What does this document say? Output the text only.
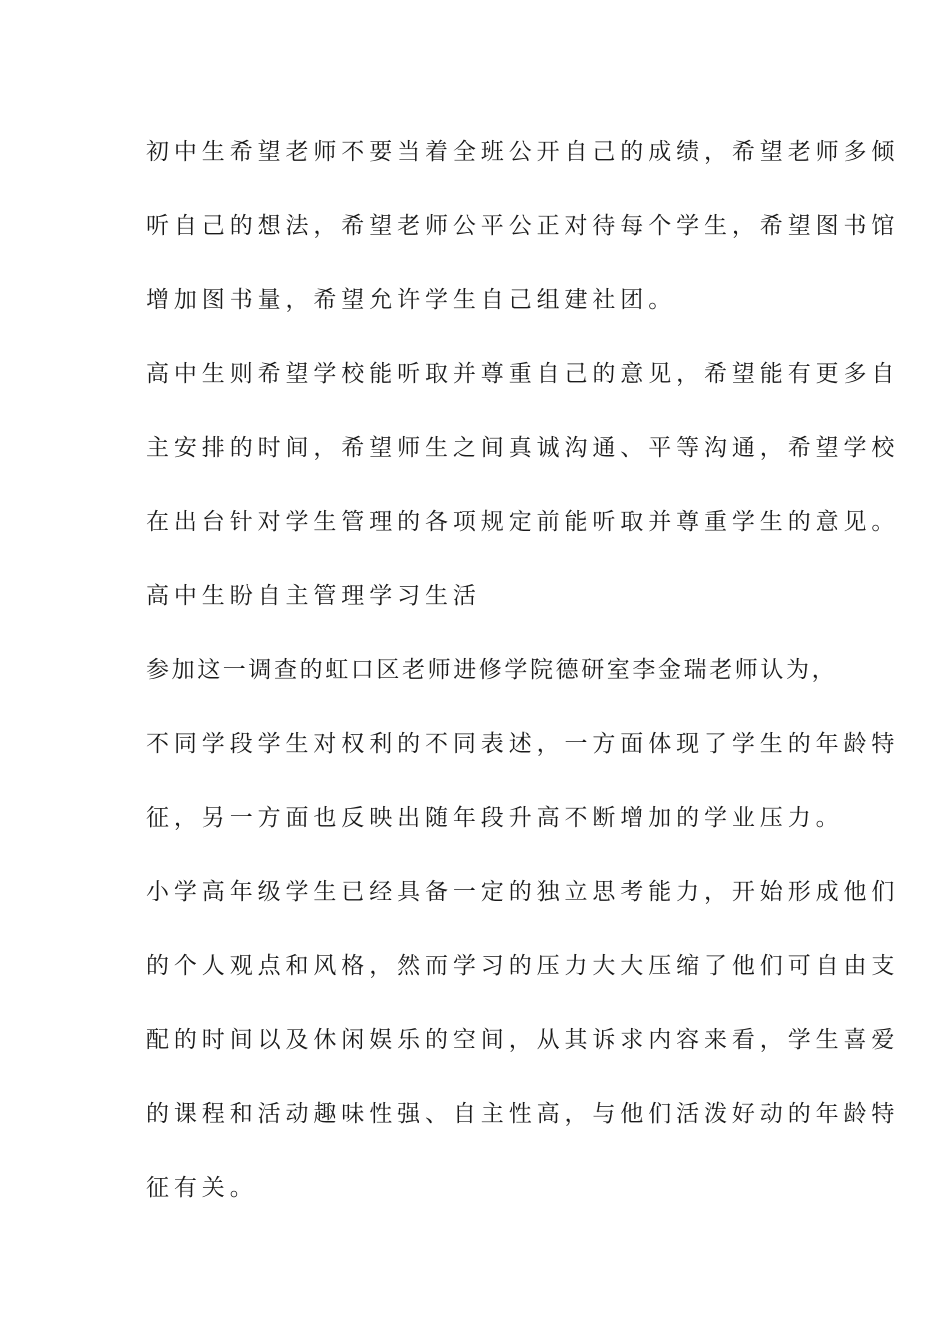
初中生希望老师不要当着全班公开自己的成绩，希望老师多倾
听自己的想法，希望老师公平公正对待每个学生，希望图书馆
增加图书量，希望允许学生自己组建社团。
高中生则希望学校能听取并尊重自己的意见，希望能有更多自
主安排的时间，希望师生之间真诚沟通、平等沟通，希望学校
在出台针对学生管理的各项规定前能听取并尊重学生的意见。
高中生盼自主管理学习生活
参加这一调查的虹口区老师进修学院德研室李金瑞老师认为，
不同学段学生对权利的不同表述，一方面体现了学生的年龄特
征，另一方面也反映出随年段升高不断增加的学业压力。
小学高年级学生已经具备一定的独立思考能力，开始形成他们
的个人观点和风格，然而学习的压力大大压缩了他们可自由支
配的时间以及休闲娱乐的空间，从其诉求内容来看，学生喜爱
的课程和活动趣味性强、自主性高，与他们活泼好动的年龄特
征有关。
